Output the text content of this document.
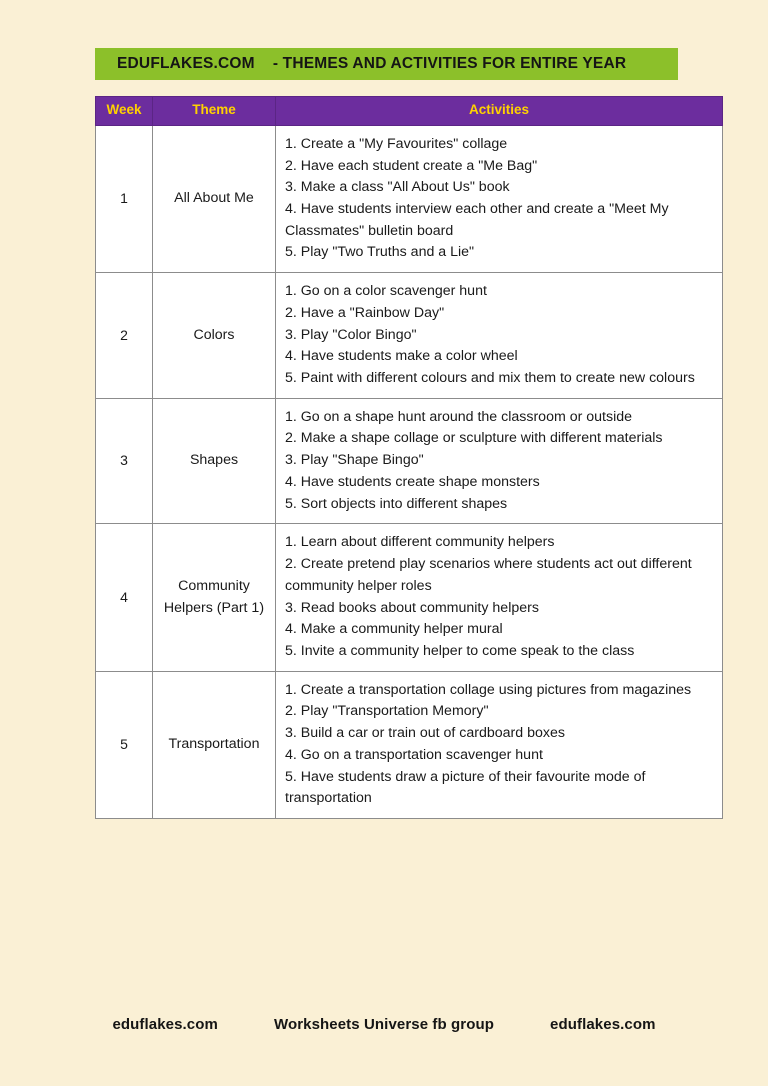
EDUFLAKES.COM    - THEMES AND ACTIVITIES FOR ENTIRE YEAR
Week	Theme	Activities
1	All About Me	1. Create a "My Favourites" collage
2. Have each student create a "Me Bag"
3. Make a class "All About Us" book
4. Have students interview each other and create a "Meet My Classmates" bulletin board
5. Play "Two Truths and a Lie"

2	Colors	1. Go on a color scavenger hunt
2. Have a "Rainbow Day"
3. Play "Color Bingo"
4. Have students make a color wheel
5. Paint with different colours and mix them to create new colours

3	Shapes	1. Go on a shape hunt around the classroom or outside
2. Make a shape collage or sculpture with different materials
3. Play "Shape Bingo"
4. Have students create shape monsters
5. Sort objects into different shapes

4	Community Helpers (Part 1)	1. Learn about different community helpers
2. Create pretend play scenarios where students act out different community helper roles
3. Read books about community helpers
4. Make a community helper mural
5. Invite a community helper to come speak to the class

5	Transportation	1. Create a transportation collage using pictures from magazines
2. Play "Transportation Memory"
3. Build a car or train out of cardboard boxes
4. Go on a transportation scavenger hunt
5. Have students draw a picture of their favourite mode of transportation
eduflakes.com	Worksheets Universe fb group	eduflakes.com
